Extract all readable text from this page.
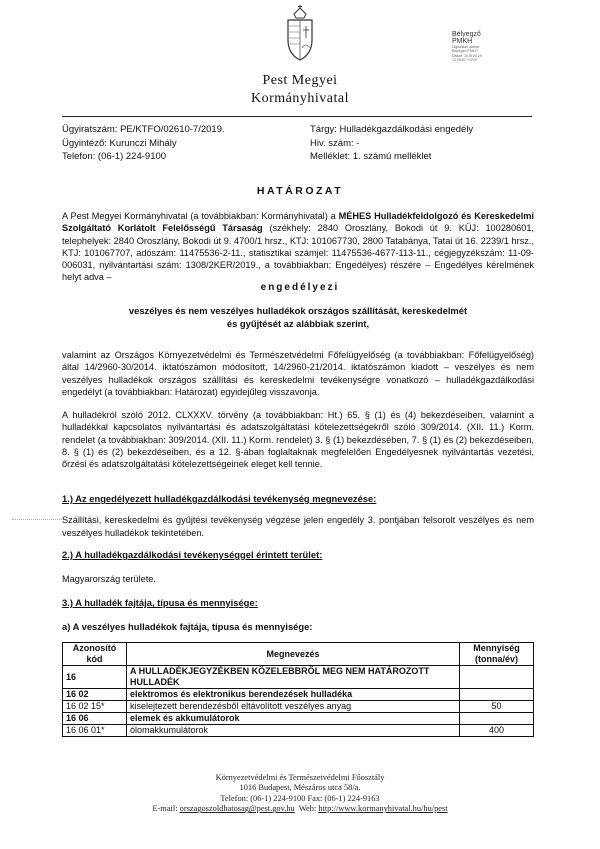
Pest Megyei
Kormányhivatal
Bélyegző
PMKH
Digitálisan aláírta:
Bélyegző PMKH
Dátum: 2019.05.29
13:29:52 +02'00'
Ügyiratszám: PE/KTFO/02610-7/2019.
Ügyintéző: Kurunczi Mihály
Telefon: (06-1) 224-9100
Tárgy: Hulladékgazdálkodási engedély
Hiv. szám: -
Melléklet: 1. számú melléklet
HATÁROZAT
A Pest Megyei Kormányhivatal (a továbbiakban: Kormányhivatal) a MÉHES Hulladékfeldolgozó és Kereskedelmi Szolgáltató Korlátolt Felelősségű Társaság (székhely: 2840 Oroszlány, Bokodi út 9. KÜJ: 100280601, telephelyek: 2840 Oroszlány, Bokodi út 9. 4700/1 hrsz., KTJ: 101067730, 2800 Tatabánya, Tatai út 16. 2239/1 hrsz., KTJ: 101067707, adószám: 11475536-2-11., statisztikai számjel: 11475536-4677-113-11., cégjegyzékszám: 11-09-006031, nyilvántartási szám: 1308/2KER/2019., a továbbiakban: Engedélyes) részére – Engedélyes kérelmének helyt adva –
engedélyezi
veszélyes és nem veszélyes hulladékok országos szállítását, kereskedelmét
és gyűjtését az alábbiak szerint,
valamint az Országos Környezetvédelmi és Természetvédelmi Főfelügyelőség (a továbbiakban: Főfelügyelőség) által 14/2960-30/2014. iktatószámon módosított, 14/2960-21/2014. iktatószámon kiadott – veszélyes és nem veszélyes hulladékok országos szállítási és kereskedelmi tevékenységre vonatkozó – hulladékgazdálkodási engedélyt (a továbbiakban: Határozat) egyidejűleg visszavonja.
A hulladékról szóló 2012. CLXXXV. törvény (a továbbiakban: Ht.) 65. § (1) és (4) bekezdéseiben, valamint a hulladékkal kapcsolatos nyilvántartási és adatszolgáltatási kötelezettségekről szóló 309/2014. (XII. 11.) Korm. rendelet (a továbbiakban: 309/2014. (XII. 11.) Korm. rendelet) 3. § (1) bekezdésében, 7. § (1) és (2) bekezdéseiben, 8. § (1) és (2) bekezdéseiben, és a 12. §-ában foglaltaknak megfelelően Engedélyesnek nyilvántartás vezetési, őrzési és adatszolgáltatási kötelezettségeinek eleget kell tennie.
1.) Az engedélyezett hulladékgazdálkodási tevékenység megnevezése:
Szállítási, kereskedelmi és gyűjtési tevékenység végzése jelen engedély 3. pontjában felsorolt veszélyes és nem veszélyes hulladékok tekintetében.
2.) A hulladékgazdálkodási tevékenységgel érintett terület:
Magyarország területe.
3.) A hulladék fajtája, típusa és mennyisége:
a) A veszélyes hulladékok fajtája, típusa és mennyisége:
Azonosító kód	Megnevezés	Mennyiség (tonna/év)
16	A HULLADÉKJEGYZÉKBEN KÖZELEBBRŐL MEG NEM HATÁROZOTT HULLADÉK	
16 02	elektromos és elektronikus berendezések hulladéka	
16 02 15*	kiselejtezett berendezésből eltávolított veszélyes anyag	50
16 06	elemek és akkumulátorok	
16 06 01*	ólomakkumulátorok	400
Környezetvédelmi és Természetvédelmi Főosztály
1016 Budapest, Mészáros utca 58/a.
Telefon: (06-1) 224-9100 Fax: (06-1) 224-9163
E-mail: orszagoszoldhatosag@pest.gov.hu  Web: http://www.kormanyhivatal.hu/hu/pest
